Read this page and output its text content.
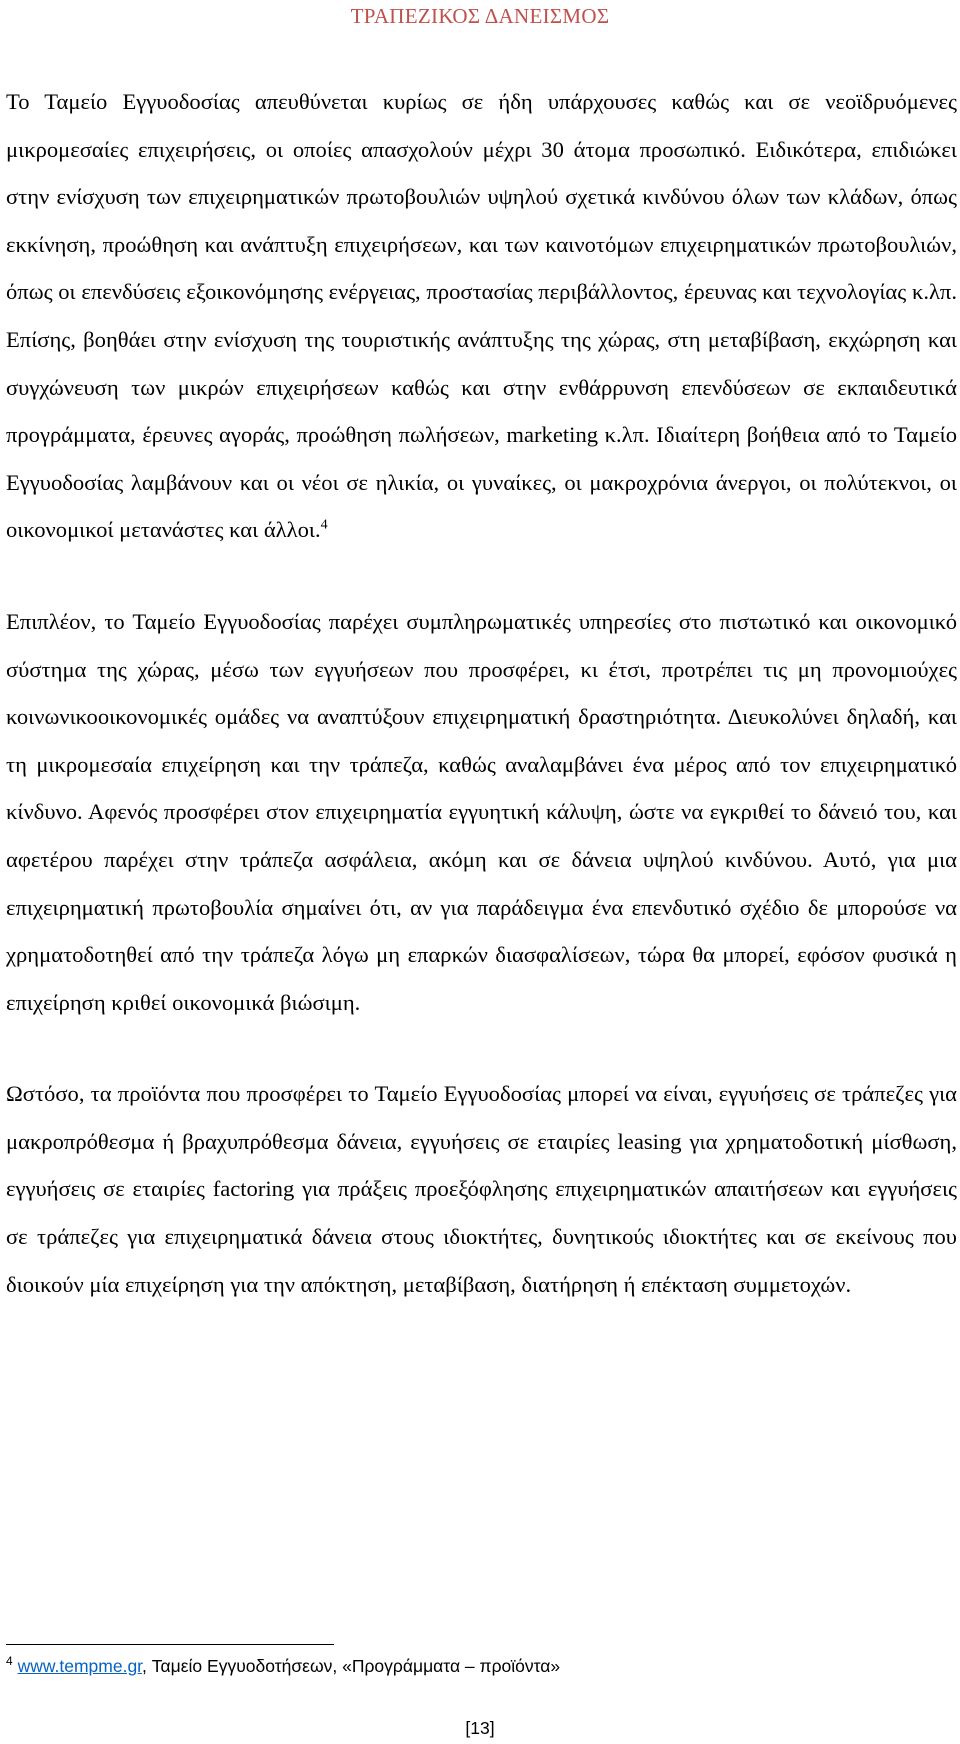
ΤΡΑΠΕΖΙΚΟΣ ΔΑΝΕΙΣΜΟΣ

Το Ταμείο Εγγυοδοσίας απευθύνεται κυρίως σε ήδη υπάρχουσες καθώς και σε νεοϊδρυόμενες μικρομεσαίες επιχειρήσεις, οι οποίες απασχολούν μέχρι 30 άτομα προσωπικό. Ειδικότερα, επιδιώκει στην ενίσχυση των επιχειρηματικών πρωτοβουλιών υψηλού σχετικά κινδύνου όλων των κλάδων, όπως εκκίνηση, προώθηση και ανάπτυξη επιχειρήσεων, και των καινοτόμων επιχειρηματικών πρωτοβουλιών, όπως οι επενδύσεις εξοικονόμησης ενέργειας, προστασίας περιβάλλοντος, έρευνας και τεχνολογίας κ.λπ. Επίσης, βοηθάει στην ενίσχυση της τουριστικής ανάπτυξης της χώρας, στη μεταβίβαση, εκχώρηση και συγχώνευση των μικρών επιχειρήσεων καθώς και στην ενθάρρυνση επενδύσεων σε εκπαιδευτικά προγράμματα, έρευνες αγοράς, προώθηση πωλήσεων, marketing κ.λπ. Ιδιαίτερη βοήθεια από το Ταμείο Εγγυοδοσίας λαμβάνουν και οι νέοι σε ηλικία, οι γυναίκες, οι μακροχρόνια άνεργοι, οι πολύτεκνοι, οι οικονομικοί μετανάστες και άλλοι.$^4$

Επιπλέον, το Ταμείο Εγγυοδοσίας παρέχει συμπληρωματικές υπηρεσίες στο πιστωτικό και οικονομικό σύστημα της χώρας, μέσω των εγγυήσεων που προσφέρει, κι έτσι, προτρέπει τις μη προνομιούχες κοινωνικοοικονομικές ομάδες να αναπτύξουν επιχειρηματική δραστηριότητα. Διευκολύνει δηλαδή, και τη μικρομεσαία επιχείρηση και την τράπεζα, καθώς αναλαμβάνει ένα μέρος από τον επιχειρηματικό κίνδυνο. Αφενός προσφέρει στον επιχειρηματία εγγυητική κάλυψη, ώστε να εγκριθεί το δάνειό του, και αφετέρου παρέχει στην τράπεζα ασφάλεια, ακόμη και σε δάνεια υψηλού κινδύνου. Αυτό, για μια επιχειρηματική πρωτοβουλία σημαίνει ότι, αν για παράδειγμα ένα επενδυτικό σχέδιο δε μπορούσε να χρηματοδοτηθεί από την τράπεζα λόγω μη επαρκών διασφαλίσεων, τώρα θα μπορεί, εφόσον φυσικά η επιχείρηση κριθεί οικονομικά βιώσιμη.

Ωστόσο, τα προϊόντα που προσφέρει το Ταμείο Εγγυοδοσίας μπορεί να είναι, εγγυήσεις σε τράπεζες για μακροπρόθεσμα ή βραχυπρόθεσμα δάνεια, εγγυήσεις σε εταιρίες leasing για χρηματοδοτική μίσθωση, εγγυήσεις σε εταιρίες factoring για πράξεις προεξόφλησης επιχειρηματικών απαιτήσεων και εγγυήσεις σε τράπεζες για επιχειρηματικά δάνεια στους ιδιοκτήτες, δυνητικούς ιδιοκτήτες και σε εκείνους που διοικούν μία επιχείρηση για την απόκτηση, μεταβίβαση, διατήρηση ή επέκταση συμμετοχών.

$^4$ www.tempme.gr, Ταμείο Εγγυοδοτήσεων, «Προγράμματα – προϊόντα»
[13]
